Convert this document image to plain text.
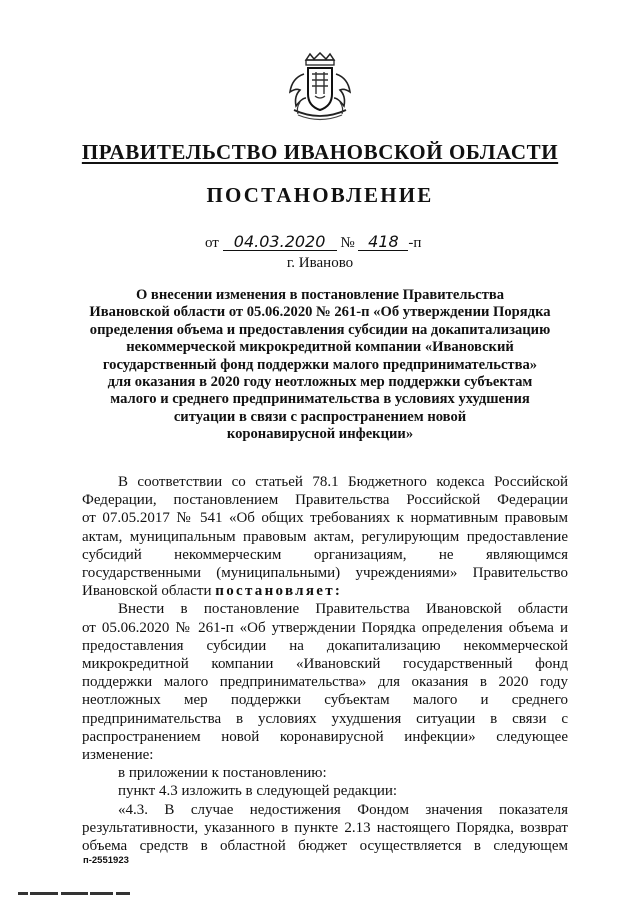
ПРАВИТЕЛЬСТВО ИВАНОВСКОЙ ОБЛАСТИ
ПОСТАНОВЛЕНИЕ
от 04.03.2020 № 418 -п
г. Иваново
О внесении изменения в постановление Правительства
Ивановской области от 05.06.2020 № 261-п «Об утверждении Порядка
определения объема и предоставления субсидии на докапитализацию
некоммерческой микрокредитной компании «Ивановский
государственный фонд поддержки малого предпринимательства»
для оказания в 2020 году неотложных мер поддержки субъектам
малого и среднего предпринимательства в условиях ухудшения
ситуации в связи с распространением новой
коронавирусной инфекции»
В соответствии со статьей 78.1 Бюджетного кодекса Российской
Федерации, постановлением Правительства Российской Федерации
от 07.05.2017 № 541 «Об общих требованиях к нормативным правовым
актам, муниципальным правовым актам, регулирующим предоставление
субсидий некоммерческим организациям, не являющимся
государственными (муниципальными) учреждениями» Правительство
Ивановской области постановляет:
Внести в постановление Правительства Ивановской области
от 05.06.2020 № 261-п «Об утверждении Порядка определения объема и
предоставления субсидии на докапитализацию некоммерческой
микрокредитной компании «Ивановский государственный фонд
поддержки малого предпринимательства» для оказания в 2020 году
неотложных мер поддержки субъектам малого и среднего
предпринимательства в условиях ухудшения ситуации в связи с
распространением новой коронавирусной инфекции» следующее
изменение:
в приложении к постановлению:
пункт 4.3 изложить в следующей редакции:
«4.3. В случае недостижения Фондом значения показателя
результативности, указанного в пункте 2.13 настоящего Порядка, возврат
объема средств в областной бюджет осуществляется в следующем
п-2551923
